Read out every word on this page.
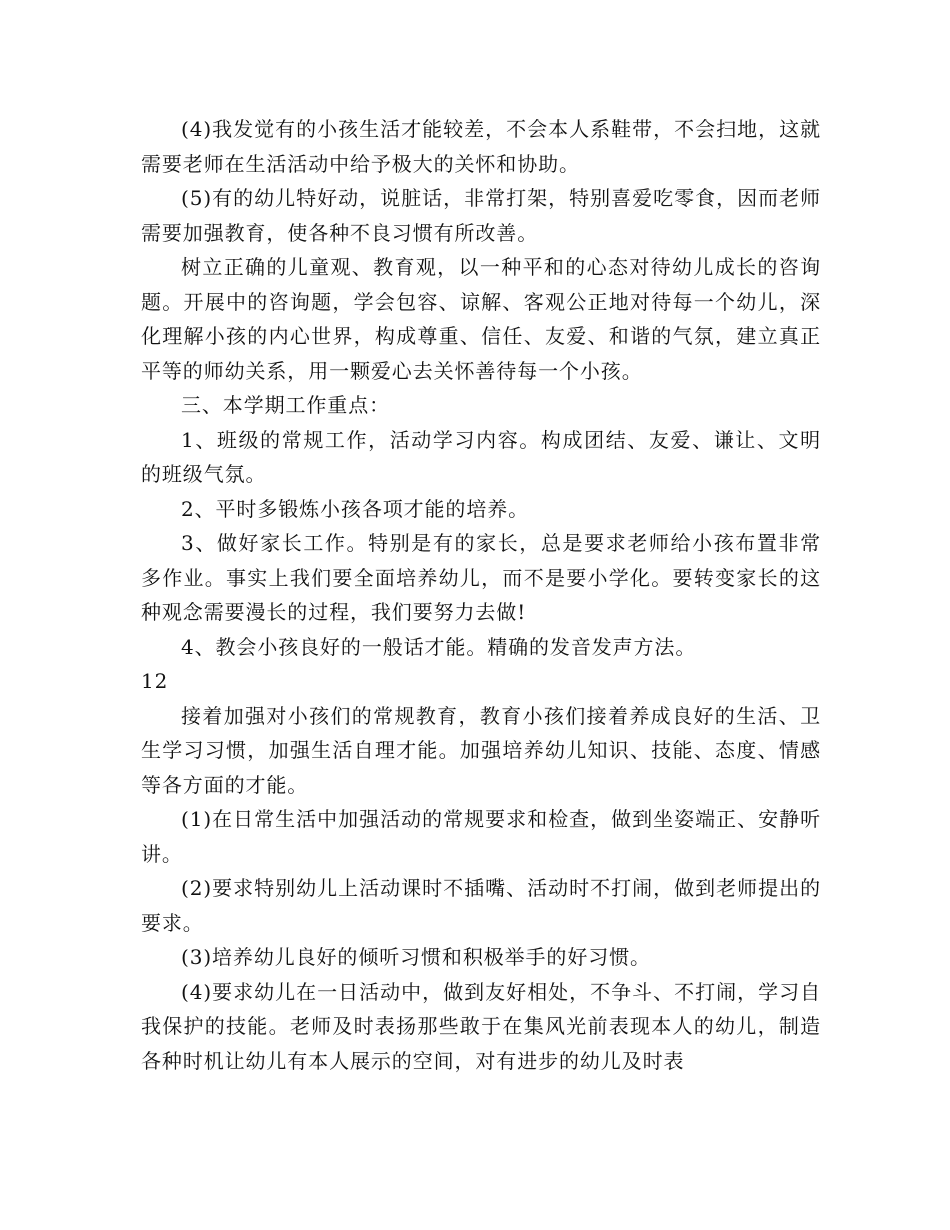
(4)我发觉有的小孩生活才能较差，不会本人系鞋带，不会扫地，这就需要老师在生活活动中给予极大的关怀和协助。

(5)有的幼儿特好动，说脏话，非常打架，特别喜爱吃零食，因而老师需要加强教育，使各种不良习惯有所改善。

树立正确的儿童观、教育观，以一种平和的心态对待幼儿成长的咨询题。开展中的咨询题，学会包容、谅解、客观公正地对待每一个幼儿，深化理解小孩的内心世界，构成尊重、信任、友爱、和谐的气氛，建立真正平等的师幼关系，用一颗爱心去关怀善待每一个小孩。

三、本学期工作重点：

1、班级的常规工作，活动学习内容。构成团结、友爱、谦让、文明的班级气氛。

2、平时多锻炼小孩各项才能的培养。

3、做好家长工作。特别是有的家长，总是要求老师给小孩布置非常多作业。事实上我们要全面培养幼儿，而不是要小学化。要转变家长的这种观念需要漫长的过程，我们要努力去做!

4、教会小孩良好的一般话才能。精确的发音发声方法。

12

接着加强对小孩们的常规教育，教育小孩们接着养成良好的生活、卫生学习习惯，加强生活自理才能。加强培养幼儿知识、技能、态度、情感等各方面的才能。

(1)在日常生活中加强活动的常规要求和检查，做到坐姿端正、安静听讲。

(2)要求特别幼儿上活动课时不插嘴、活动时不打闹，做到老师提出的要求。

(3)培养幼儿良好的倾听习惯和积极举手的好习惯。

(4)要求幼儿在一日活动中，做到友好相处，不争斗、不打闹，学习自我保护的技能。老师及时表扬那些敢于在集风光前表现本人的幼儿，制造各种时机让幼儿有本人展示的空间，对有进步的幼儿及时表
